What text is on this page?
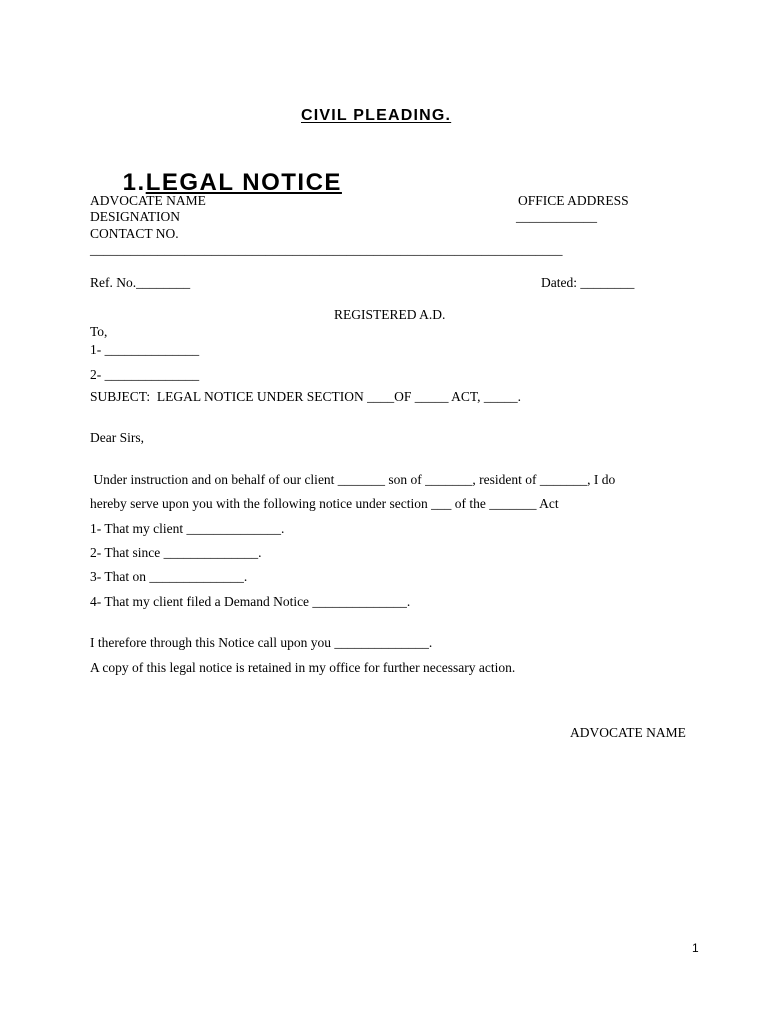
CIVIL PLEADING.

1.LEGAL NOTICE

ADVOCATE NAME
DESIGNATION
CONTACT NO.
OFFICE ADDRESS
____________
______________________________________________________________________
Ref. No.________	Dated: ________
REGISTERED A.D.
To,
1- ______________
2- ______________
SUBJECT:  LEGAL NOTICE UNDER SECTION ____OF _____ ACT, _____.
Dear Sirs,
Under instruction and on behalf of our client _______ son of _______, resident of _______, I do
hereby serve upon you with the following notice under section ___ of the _______ Act
1- That my client ______________.
2- That since ______________.
3- That on ______________.
4- That my client filed a Demand Notice ______________.
I therefore through this Notice call upon you ______________.
A copy of this legal notice is retained in my office for further necessary action.
ADVOCATE NAME
1
